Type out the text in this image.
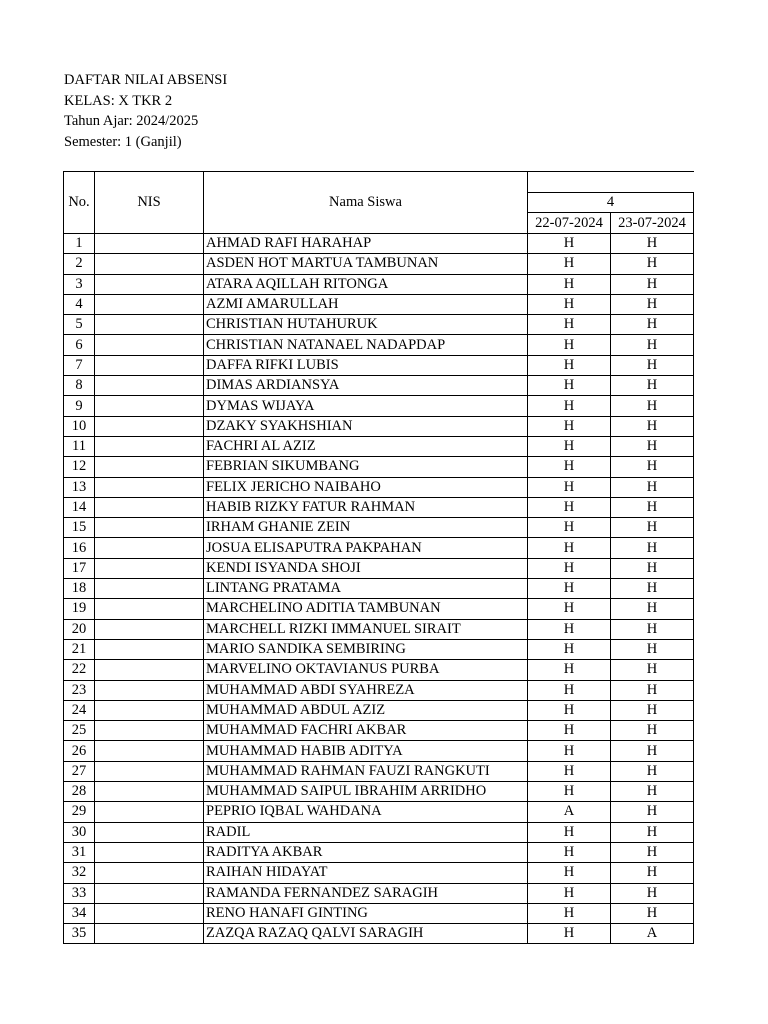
DAFTAR NILAI ABSENSI
KELAS: X TKR 2
Tahun Ajar: 2024/2025
Semester: 1 (Ganjil)
No.	NIS	Nama Siswa		
			4	
			22-07-2024	23-07-2024
1		AHMAD RAFI HARAHAP	H	H
2		ASDEN HOT MARTUA TAMBUNAN	H	H
3		ATARA AQILLAH RITONGA	H	H
4		AZMI AMARULLAH	H	H
5		CHRISTIAN HUTAHURUK	H	H
6		CHRISTIAN NATANAEL NADAPDAP	H	H
7		DAFFA RIFKI LUBIS	H	H
8		DIMAS ARDIANSYA	H	H
9		DYMAS WIJAYA	H	H
10		DZAKY SYAKHSHIAN	H	H
11		FACHRI AL AZIZ	H	H
12		FEBRIAN SIKUMBANG	H	H
13		FELIX JERICHO NAIBAHO	H	H
14		HABIB RIZKY FATUR RAHMAN	H	H
15		IRHAM GHANIE ZEIN	H	H
16		JOSUA ELISAPUTRA PAKPAHAN	H	H
17		KENDI ISYANDA SHOJI	H	H
18		LINTANG PRATAMA	H	H
19		MARCHELINO ADITIA TAMBUNAN	H	H
20		MARCHELL RIZKI IMMANUEL SIRAIT	H	H
21		MARIO SANDIKA SEMBIRING	H	H
22		MARVELINO OKTAVIANUS PURBA	H	H
23		MUHAMMAD ABDI SYAHREZA	H	H
24		MUHAMMAD ABDUL AZIZ	H	H
25		MUHAMMAD FACHRI AKBAR	H	H
26		MUHAMMAD HABIB ADITYA	H	H
27		MUHAMMAD RAHMAN FAUZI RANGKUTI	H	H
28		MUHAMMAD SAIPUL IBRAHIM ARRIDHO	H	H
29		PEPRIO IQBAL WAHDANA	A	H
30		RADIL	H	H
31		RADITYA AKBAR	H	H
32		RAIHAN HIDAYAT	H	H
33		RAMANDA FERNANDEZ SARAGIH	H	H
34		RENO HANAFI GINTING	H	H
35		ZAZQA RAZAQ QALVI SARAGIH	H	A
